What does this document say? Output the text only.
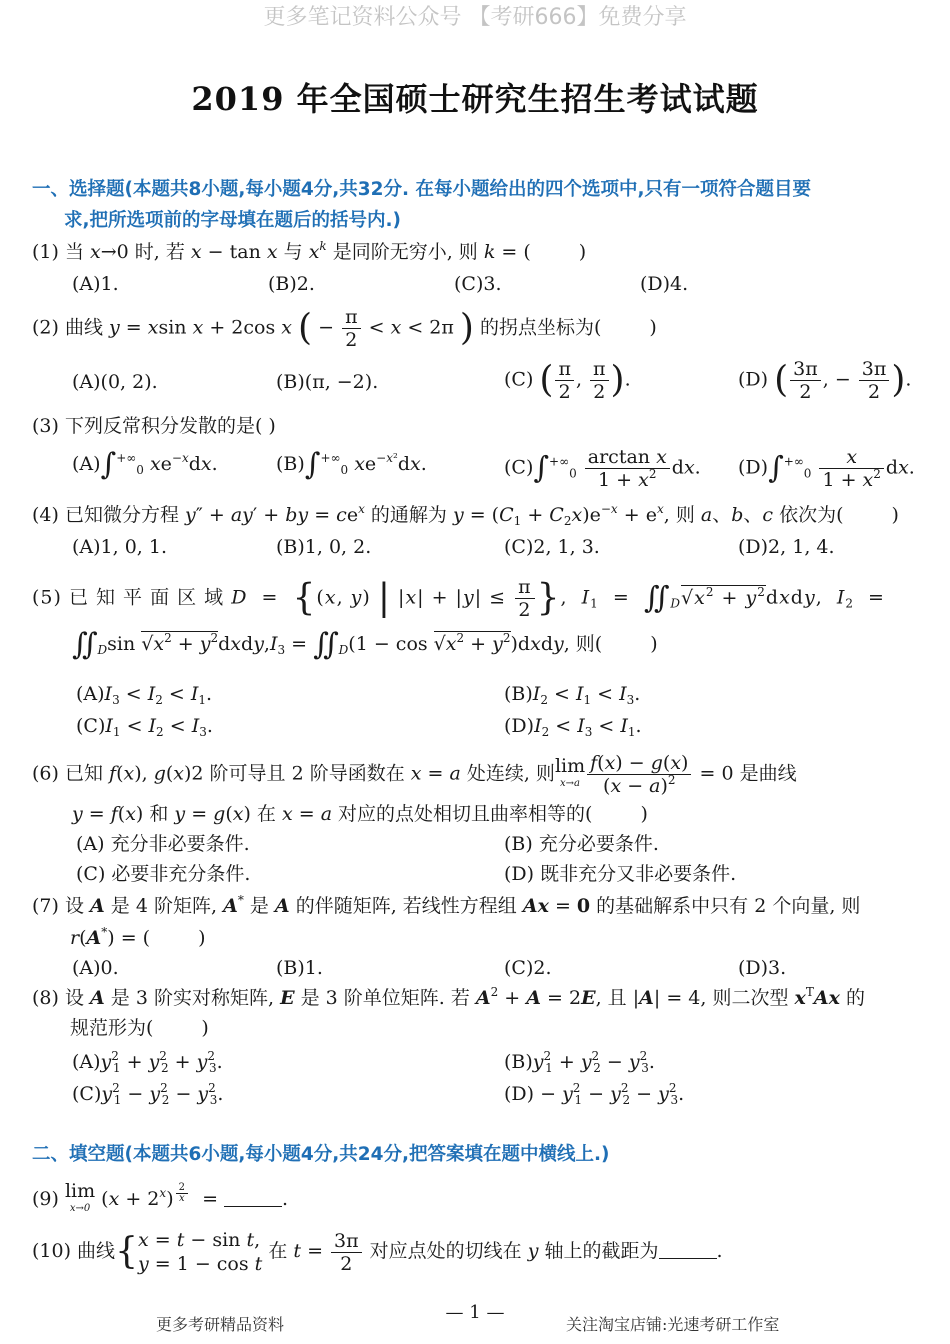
更多笔记资料公众号 【考研666】免费分享
2019 年全国硕士研究生招生考试试题
一、选择题(本题共8小题,每小题4分,共32分. 在每小题给出的四个选项中,只有一项符合题目要
求,把所选项前的字母填在题后的括号内.)
(1) 当 x→0 时, 若 x − tan x 与 $x^k$ 是同阶无穷小, 则 k = (	)
(A)1.	(B)2.	(C)3.	(D)4.
(2) 曲线 y = xsin x + 2cos x ( − $\frac{\pi}{2} < x < 2\pi$ ) 的拐点坐标为(	)
(A)(0, 2).	(B)(π, −2).	(C) ( $\frac{\pi}{2}$ , $\frac{\pi}{2}$ ).	(D) ( $\frac{3\pi}{2}$ , − $\frac{3\pi}{2}$ ).
(3) 下列反常积分发散的是( )
$(A)\int^{+\infty}_0$ $xe^{-x}dx$.	$(B)\int^{+\infty}_0$ $xe^{-x^2}dx$.	$(C)\int^{+\infty}_0 \frac{\text{arctan x}}{1 + x^2}$ dx. $(D)\int^{+\infty}_0 \frac{x}{1 + x^2}$ dx.
(4) 已知微分方程 y″ + ay′ + by = $ce^x$ 的通解为 $y = (C_1 + C_2x)e^{-x} + e^x$, 则 a、b、c 依次为(	)
(A)1, 0, 1.	(B)1, 0, 2.	(C)2, 1, 3.	(D)2, 1, 4.
(5) 已 知 平 面 区 域 D  =  {(x, y) | $|x| + |y| \le \frac{\pi}{2}$ },  $I_1$  =  $∬_D√x^2$ + $y^2dxdy$,  $I_2$  =
$∬_D\sin$ $√x^2$ + $y^2dxdy,I_3$ = $∬_D(1 - \cos √x^2$ + $y^2)dxdy$, 则(	)
$(A)I_3 < I_2 < I_1$.	$(B)I_2 < I_1 < I_3$.
$(C)I_1 < I_2 < I_3$.	$(D)I_2 < I_3 < I_1$.
(6) 已知 f(x), g(x)2 阶可导且 2 阶导函数在 x = a 处连续, 则 lim
$x\to a \frac{f(x) - g(x)}{(x - a)^2} = 0$ 是曲线
y = f(x) 和 y = g(x) 在 x = a 对应的点处相切且曲率相等的(	)
(A) 充分非必要条件.	(B) 充分必要条件.
(C) 必要非充分条件.	(D) 既非充分又非必要条件.
(7) 设 A 是 4 阶矩阵, A* 是 A 的伴随矩阵, 若线性方程组 Ax = 0 的基础解系中只有 2 个向量, 则
r(A*) = (	)
(A)0.	(B)1.	(C)2.	(D)3.
(8) 设 A 是 3 阶实对称矩阵, E 是 3 阶单位矩阵. 若 $A^2 + A = 2E$, 且 |A| = 4, 则二次型 $x^TAx$ 的
规范形为(	)
$(A)y^2_1 + y^2_2 + y^2_3$.	$(B)y^2_1 + y^2_2 - y^2_3$.
$(C)y^2_1 - y^2_2 - y^2_3$.	$(D) - y^2_1 - y^2_2 - y^2_3$.
二、填空题(本题共6小题,每小题4分,共24分,把答案填在题中横线上.)
(9) lim
x→0 $(x + 2^x)$ $^{\frac{2}{x}}$ =	.
(10) 曲线{ x = t − sin t,
y = 1 − cos t
在 $t = \frac{3\pi}{2}$ 对应点处的切线在 y 轴上的截距为	.
更多考研精品资料
— 1 —
关注淘宝店铺:光速考研工作室
